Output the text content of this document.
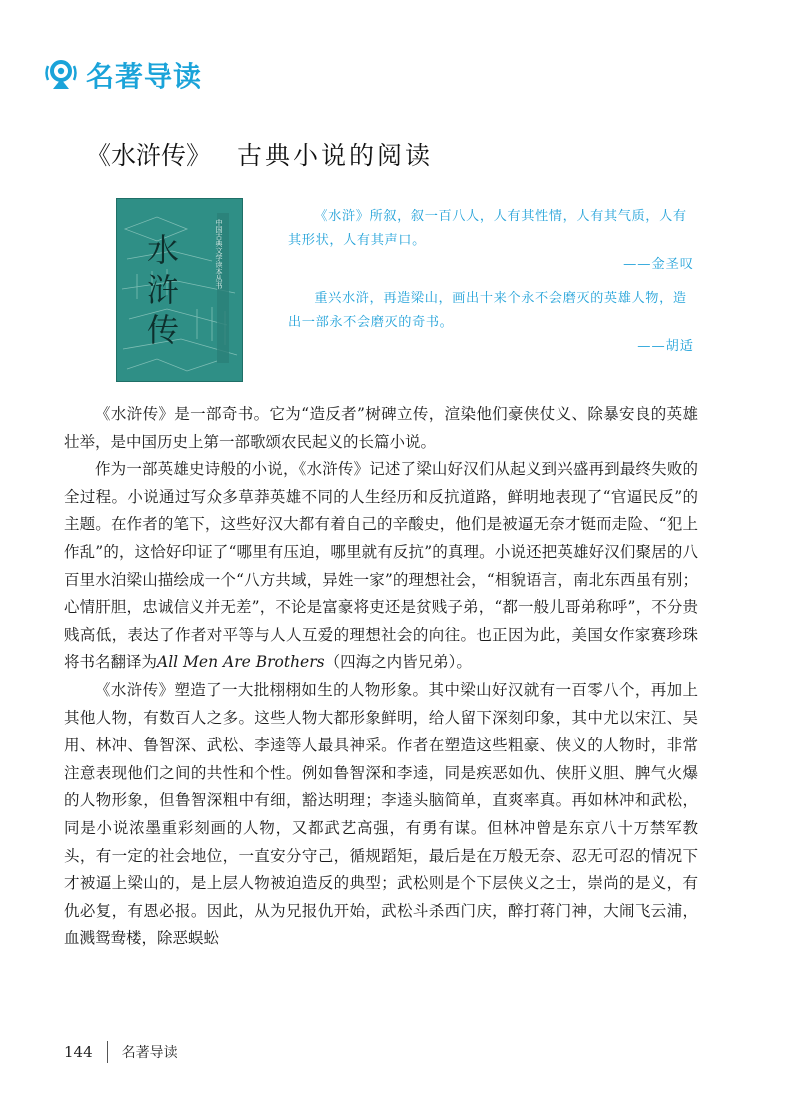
名著导读
《水浒传》 古典小说的阅读
水
浒
传
中国古典文学读本丛书

《水浒》所叙，叙一百八人，人有其性情，人有其气质，人有其形状，人有其声口。

——金圣叹

重兴水浒，再造梁山，画出十来个永不会磨灭的英雄人物，造出一部永不会磨灭的奇书。

——胡适

《水浒传》是一部奇书。它为“造反者”树碑立传，渲染他们豪侠仗义、除暴安良的英雄壮举，是中国历史上第一部歌颂农民起义的长篇小说。

作为一部英雄史诗般的小说，《水浒传》记述了梁山好汉们从起义到兴盛再到最终失败的全过程。小说通过写众多草莽英雄不同的人生经历和反抗道路，鲜明地表现了“官逼民反”的主题。在作者的笔下，这些好汉大都有着自己的辛酸史，他们是被逼无奈才铤而走险、“犯上作乱”的，这恰好印证了“哪里有压迫，哪里就有反抗”的真理。小说还把英雄好汉们聚居的八百里水泊梁山描绘成一个“八方共域，异姓一家”的理想社会，“相貌语言，南北东西虽有别；心情肝胆，忠诚信义并无差”，不论是富豪将吏还是贫贱子弟，“都一般儿哥弟称呼”，不分贵贱高低，表达了作者对平等与人人互爱的理想社会的向往。也正因为此，美国女作家赛珍珠将书名翻译为All Men Are Brothers（四海之内皆兄弟）。

《水浒传》塑造了一大批栩栩如生的人物形象。其中梁山好汉就有一百零八个，再加上其他人物，有数百人之多。这些人物大都形象鲜明，给人留下深刻印象，其中尤以宋江、吴用、林冲、鲁智深、武松、李逵等人最具神采。作者在塑造这些粗豪、侠义的人物时，非常注意表现他们之间的共性和个性。例如鲁智深和李逵，同是疾恶如仇、侠肝义胆、脾气火爆的人物形象，但鲁智深粗中有细，豁达明理；李逵头脑简单，直爽率真。再如林冲和武松，同是小说浓墨重彩刻画的人物，又都武艺高强，有勇有谋。但林冲曾是东京八十万禁军教头，有一定的社会地位，一直安分守己，循规蹈矩，最后是在万般无奈、忍无可忍的情况下才被逼上梁山的，是上层人物被迫造反的典型；武松则是个下层侠义之士，崇尚的是义，有仇必复，有恩必报。因此，从为兄报仇开始，武松斗杀西门庆，醉打蒋门神，大闹飞云浦，血溅鸳鸯楼，除恶蜈蚣

144 名著导读
